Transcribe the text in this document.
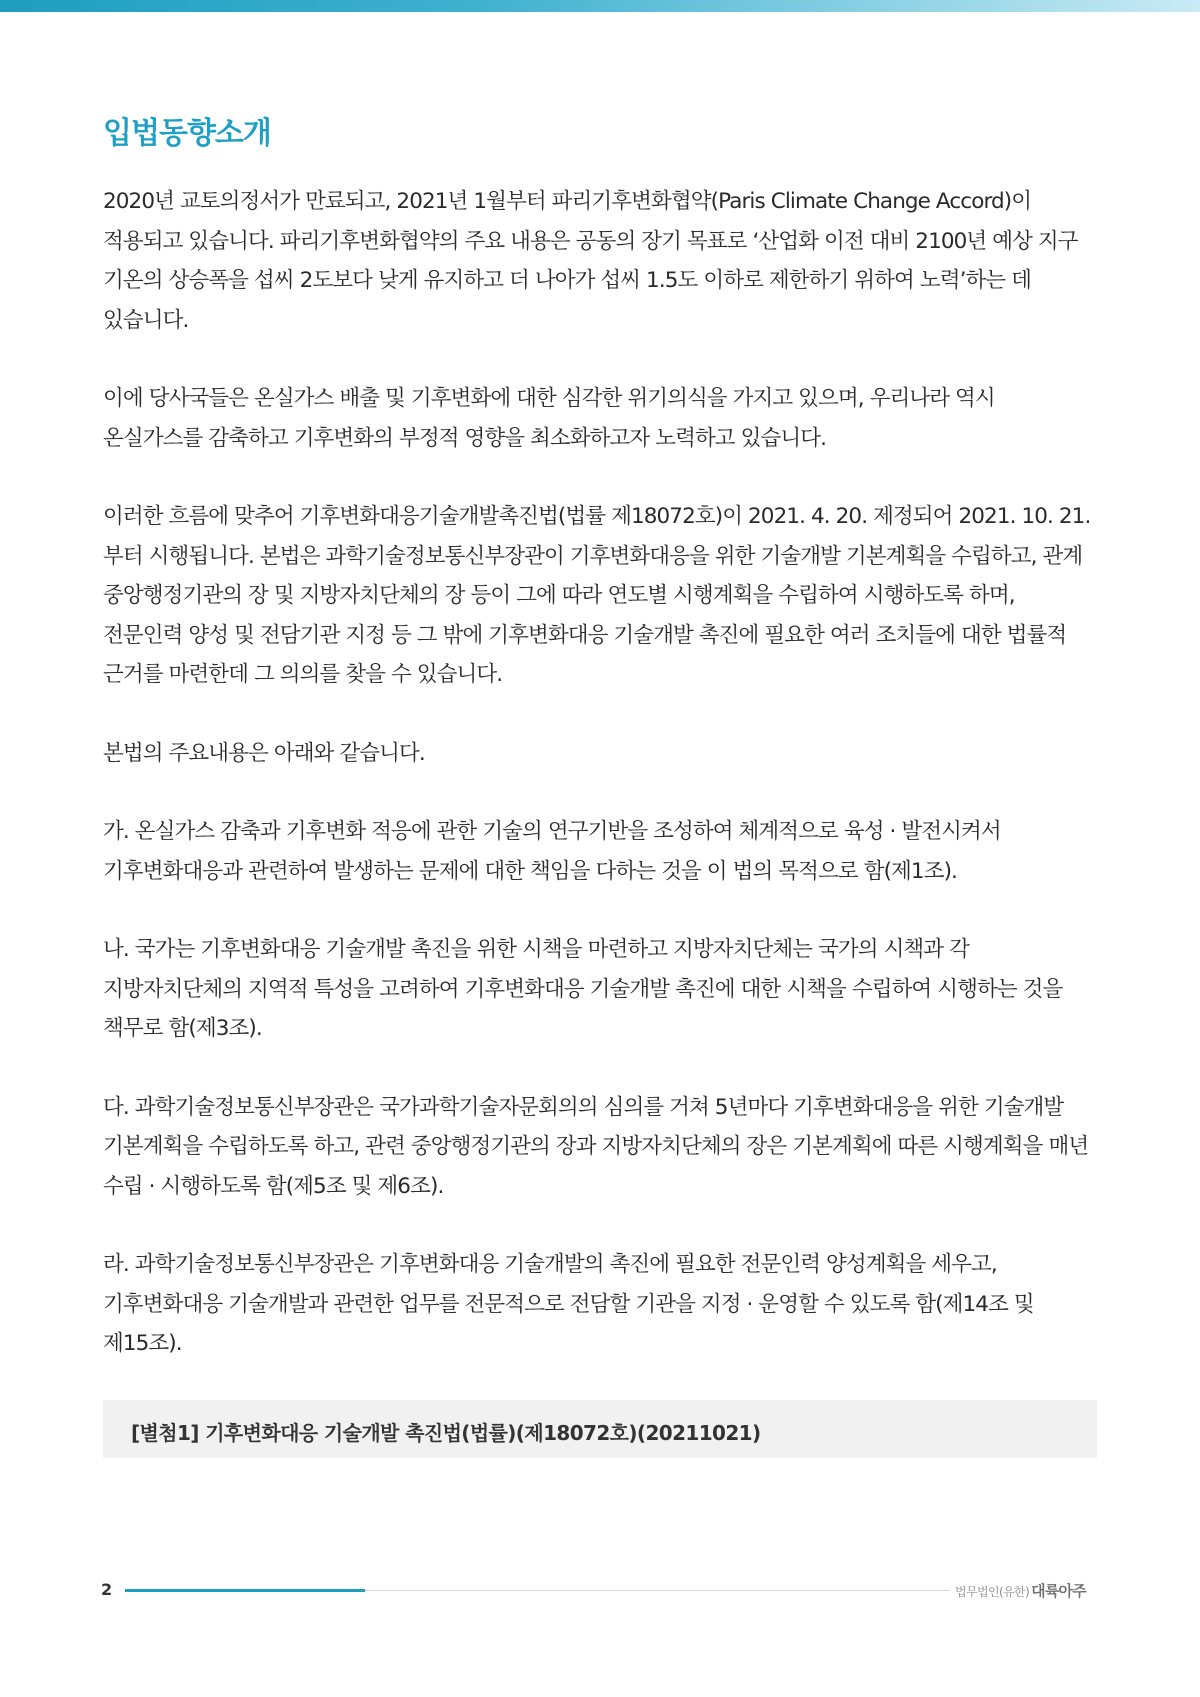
입법동향소개

2020년 교토의정서가 만료되고, 2021년 1월부터 파리기후변화협약(Paris Climate Change Accord)이 적용되고 있습니다. 파리기후변화협약의 주요 내용은 공동의 장기 목표로 ‘산업화 이전 대비 2100년 예상 지구 기온의 상승폭을 섭씨 2도보다 낮게 유지하고 더 나아가 섭씨 1.5도 이하로 제한하기 위하여 노력’하는 데 있습니다.

이에 당사국들은 온실가스 배출 및 기후변화에 대한 심각한 위기의식을 가지고 있으며, 우리나라 역시 온실가스를 감축하고 기후변화의 부정적 영향을 최소화하고자 노력하고 있습니다.

이러한 흐름에 맞추어 기후변화대응기술개발촉진법(법률 제18072호)이 2021. 4. 20. 제정되어 2021. 10. 21. 부터 시행됩니다. 본법은 과학기술정보통신부장관이 기후변화대응을 위한 기술개발 기본계획을 수립하고, 관계 중앙행정기관의 장 및 지방자치단체의 장 등이 그에 따라 연도별 시행계획을 수립하여 시행하도록 하며, 전문인력 양성 및 전담기관 지정 등 그 밖에 기후변화대응 기술개발 촉진에 필요한 여러 조치들에 대한 법률적 근거를 마련한데 그 의의를 찾을 수 있습니다.

본법의 주요내용은 아래와 같습니다.

가. 온실가스 감축과 기후변화 적응에 관한 기술의 연구기반을 조성하여 체계적으로 육성 · 발전시켜서 기후변화대응과 관련하여 발생하는 문제에 대한 책임을 다하는 것을 이 법의 목적으로 함(제1조).

나. 국가는 기후변화대응 기술개발 촉진을 위한 시책을 마련하고 지방자치단체는 국가의 시책과 각 지방자치단체의 지역적 특성을 고려하여 기후변화대응 기술개발 촉진에 대한 시책을 수립하여 시행하는 것을 책무로 함(제3조).

다. 과학기술정보통신부장관은 국가과학기술자문회의의 심의를 거쳐 5년마다 기후변화대응을 위한 기술개발 기본계획을 수립하도록 하고, 관련 중앙행정기관의 장과 지방자치단체의 장은 기본계획에 따른 시행계획을 매년 수립 · 시행하도록 함(제5조 및 제6조).

라. 과학기술정보통신부장관은 기후변화대응 기술개발의 촉진에 필요한 전문인력 양성계획을 세우고, 기후변화대응 기술개발과 관련한 업무를 전문적으로 전담할 기관을 지정 · 운영할 수 있도록 함(제14조 및 제15조).

[별첨1] 기후변화대응 기술개발 촉진법(법률)(제18072호)(20211021)
2	법무법인(유한) 대륙아주
